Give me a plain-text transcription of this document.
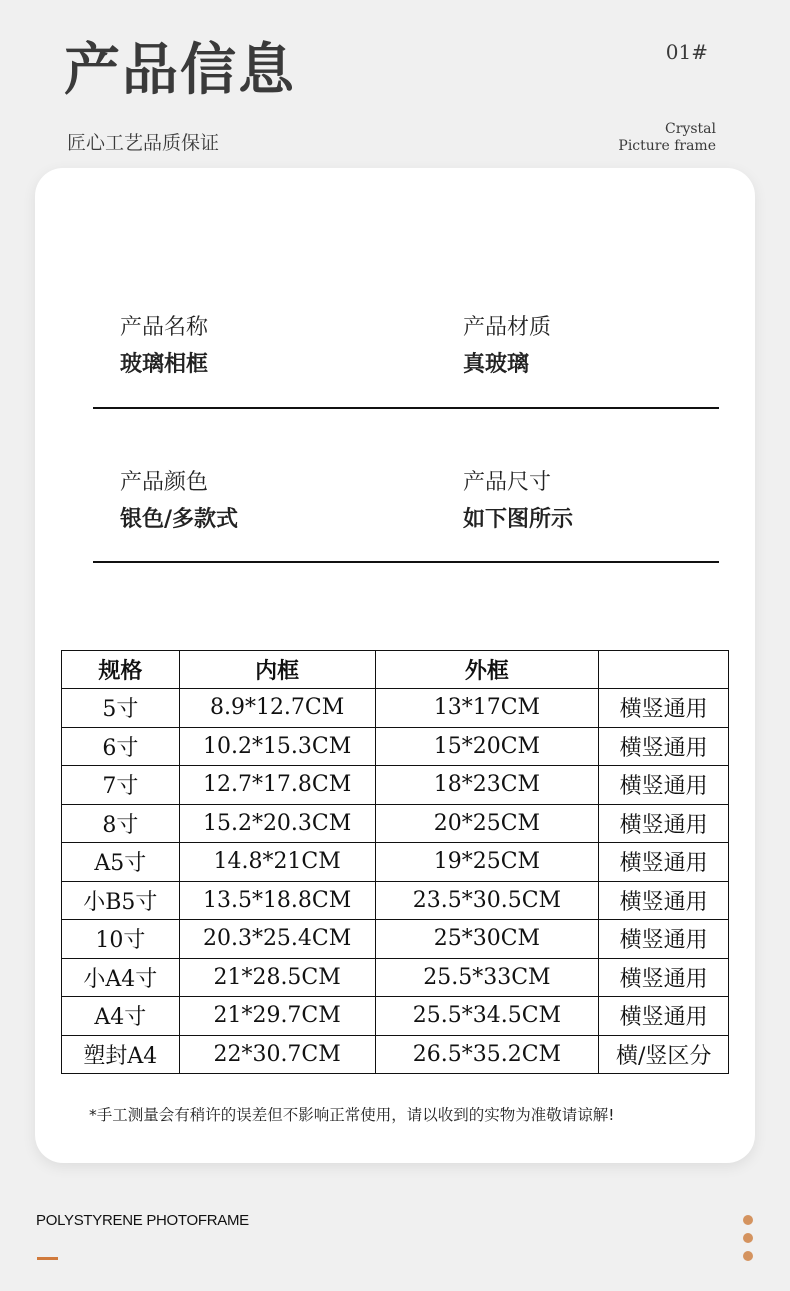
产品信息
匠心工艺品质保证
01#
Crystal
Picture frame
产品名称
玻璃相框
产品材质
真玻璃
产品颜色
银色/多款式
产品尺寸
如下图所示
规格	内框	外框	
5寸	8.9*12.7CM	13*17CM	横竖通用
6寸	10.2*15.3CM	15*20CM	横竖通用
7寸	12.7*17.8CM	18*23CM	横竖通用
8寸	15.2*20.3CM	20*25CM	横竖通用
A5寸	14.8*21CM	19*25CM	横竖通用
小B5寸	13.5*18.8CM	23.5*30.5CM	横竖通用
10寸	20.3*25.4CM	25*30CM	横竖通用
小A4寸	21*28.5CM	25.5*33CM	横竖通用
A4寸	21*29.7CM	25.5*34.5CM	横竖通用
塑封A4	22*30.7CM	26.5*35.2CM	横/竖区分
*手工测量会有稍许的误差但不影响正常使用，请以收到的实物为准敬请谅解!
POLYSTYRENE PHOTOFRAME
